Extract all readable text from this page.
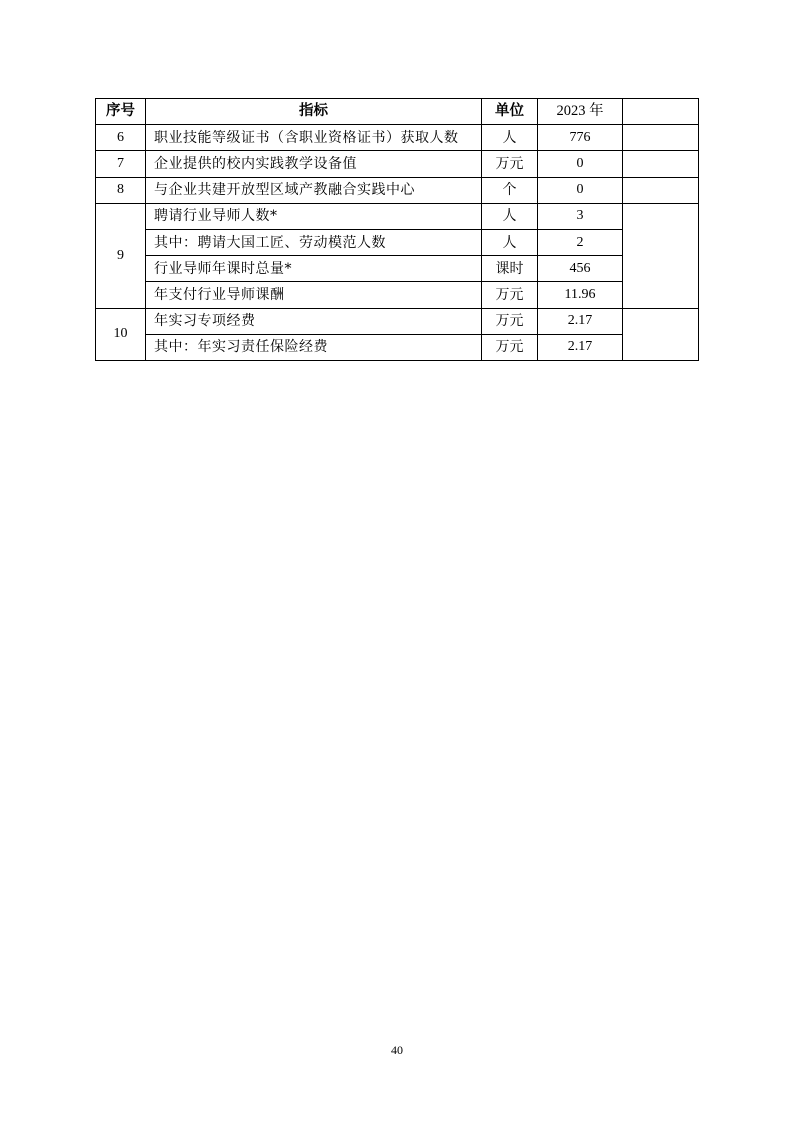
序号	指标	单位	2023 年	
6	职业技能等级证书（含职业资格证书）获取人数	人	776	
7	企业提供的校内实践教学设备值	万元	0	
8	与企业共建开放型区域产教融合实践中心	个	0	
9	聘请行业导师人数*	人	3	
	其中：聘请大国工匠、劳动模范人数	人	2	
	行业导师年课时总量*	课时	456	
	年支付行业导师课酬	万元	11.96	
10	年实习专项经费	万元	2.17	
	其中：年实习责任保险经费	万元	2.17	
40
